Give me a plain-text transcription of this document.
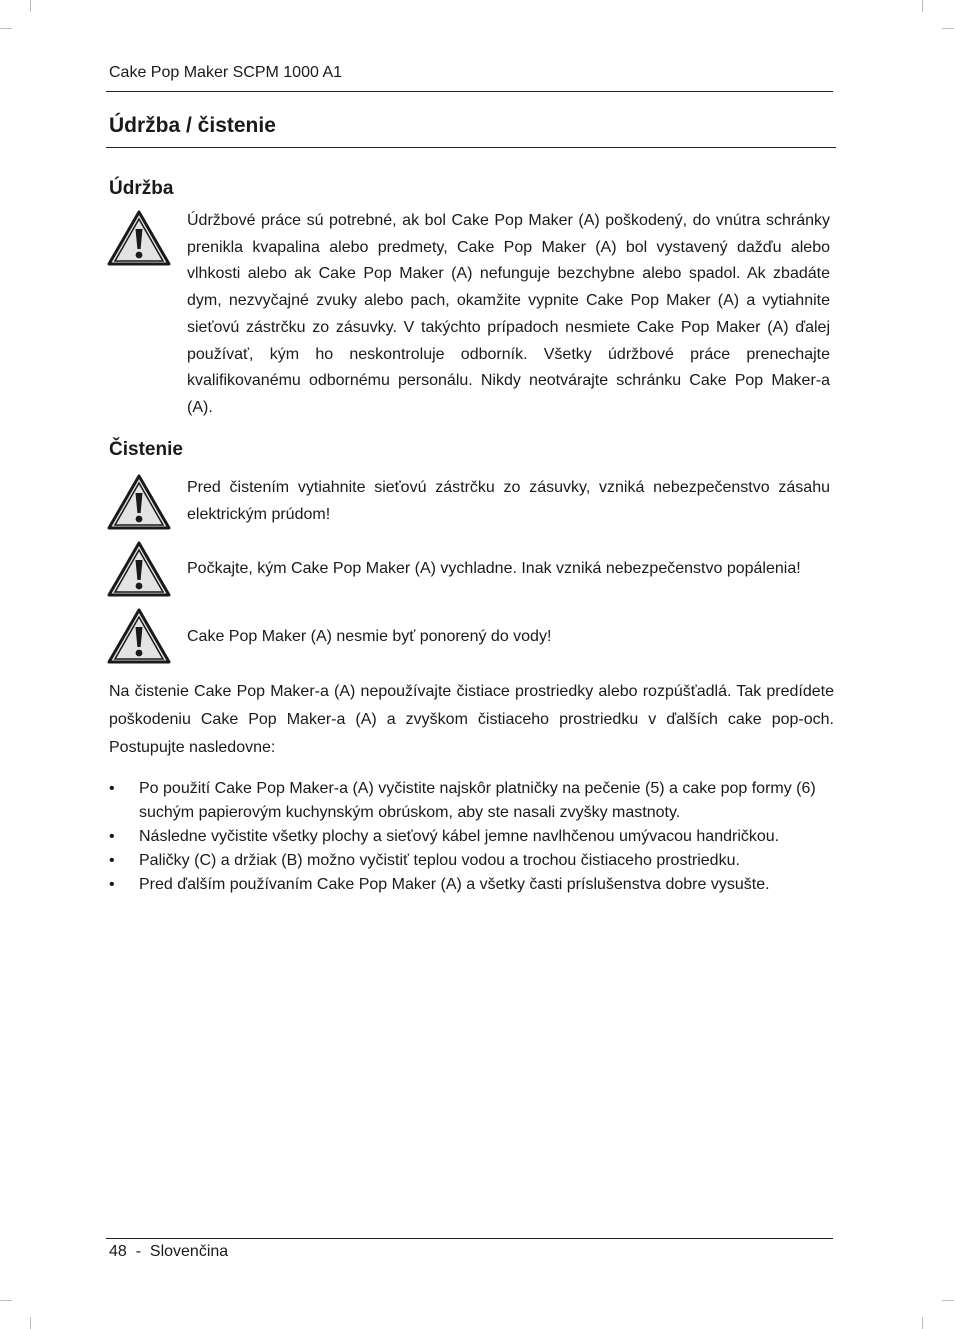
Cake Pop Maker SCPM 1000 A1
Údržba / čistenie
Údržba

Údržbové práce sú potrebné, ak bol Cake Pop Maker (A) poškodený, do vnútra schránky prenikla kvapalina alebo predmety, Cake Pop Maker (A) bol vystavený dažďu alebo vlhkosti alebo ak Cake Pop Maker (A) nefunguje bezchybne alebo spadol. Ak zbadáte dym, nezvyčajné zvuky alebo pach, okamžite vypnite Cake Pop Maker (A) a vytiahnite sieťovú zástrčku zo zásuvky. V takýchto prípadoch nesmiete Cake Pop Maker (A) ďalej používať, kým ho neskontroluje odborník. Všetky údržbové práce prenechajte kvalifikovanému odbornému personálu. Nikdy neotvárajte schránku Cake Pop Maker-a (A).

Čistenie

Pred čistením vytiahnite sieťovú zástrčku zo zásuvky, vzniká nebezpečenstvo zásahu elektrickým prúdom!

Počkajte, kým Cake Pop Maker (A) vychladne. Inak vzniká nebezpečenstvo popálenia!

Cake Pop Maker (A) nesmie byť ponorený do vody!

Na čistenie Cake Pop Maker-a (A) nepoužívajte čistiace prostriedky alebo rozpúšťadlá. Tak predídete poškodeniu Cake Pop Maker-a (A) a zvyškom čistiaceho prostriedku v ďalších cake pop-och. Postupujte nasledovne:

• Po použití Cake Pop Maker-a (A) vyčistite najskôr platničky na pečenie (5) a cake pop formy (6) suchým papierovým kuchynským obrúskom, aby ste nasali zvyšky mastnoty.
• Následne vyčistite všetky plochy a sieťový kábel jemne navlhčenou umývacou handričkou.
• Paličky (C) a držiak (B) možno vyčistiť teplou vodou a trochou čistiaceho prostriedku.
• Pred ďalším používaním Cake Pop Maker (A) a všetky časti príslušenstva dobre vysušte.
48 - Slovenčina
